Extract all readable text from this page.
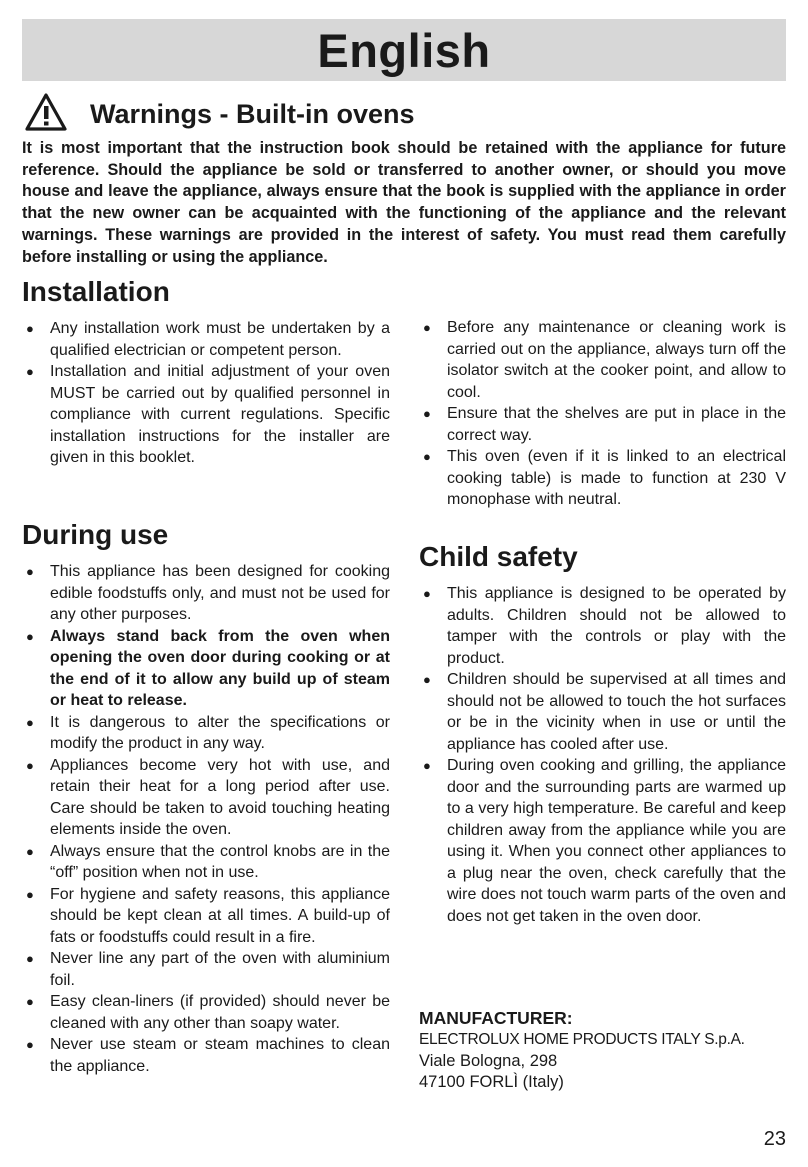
English
Warnings - Built-in ovens

It is most important that the instruction book should be retained with the appliance for future reference. Should the appliance be sold or transferred to another owner, or should you move house and leave the appliance, always ensure that the book is supplied with the appliance in order that the new owner can be acquainted with the functioning of the appliance and the relevant warnings. These warnings are provided in the interest of safety. You must read them carefully before installing or using the appliance.

Installation
● Any installation work must be undertaken by a qualified electrician or competent person.
● Installation and initial adjustment of your oven MUST be carried out by qualified personnel in compliance with current regulations. Specific installation instructions for the installer are given in this booklet.
During use
● This appliance has been designed for cooking edible foodstuffs only, and must not be used for any other purposes.
● Always stand back from the oven when opening the oven door during cooking or at the end of it to allow any build up of steam or heat to release.
● It is dangerous to alter the specifications or modify the product in any way.
● Appliances become very hot with use, and retain their heat for a long period after use. Care should be taken to avoid touching heating elements inside the oven.
● Always ensure that the control knobs are in the “off” position when not in use.
● For hygiene and safety reasons, this appliance should be kept clean at all times. A build-up of fats or foodstuffs could result in a fire.
● Never line any part of the oven with aluminium foil.
● Easy clean-liners (if provided) should never be cleaned with any other than soapy water.
● Never use steam or steam machines to clean the appliance.
● Before any maintenance or cleaning work is carried out on the appliance, always turn off the isolator switch at the cooker point, and allow to cool.
● Ensure that the shelves are put in place in the correct way.
● This oven (even if it is linked to an electrical cooking table) is made to function at 230 V monophase with neutral.
Child safety
● This appliance is designed to be operated by adults. Children should not be allowed to tamper with the controls or play with the product.
● Children should be supervised at all times and should not be allowed to touch the hot surfaces or be in the vicinity when in use or until the appliance has cooled after use.
● During oven cooking and grilling, the appliance door and the surrounding parts are warmed up to a very high temperature. Be careful and keep children away from the appliance while you are using it. When you connect other appliances to a plug near the oven, check carefully that the wire does not touch warm parts of the oven and does not get taken in the oven door.
MANUFACTURER:
ELECTROLUX HOME PRODUCTS ITALY S.p.A.
Viale Bologna, 298
47100 FORLÌ (Italy)
23
